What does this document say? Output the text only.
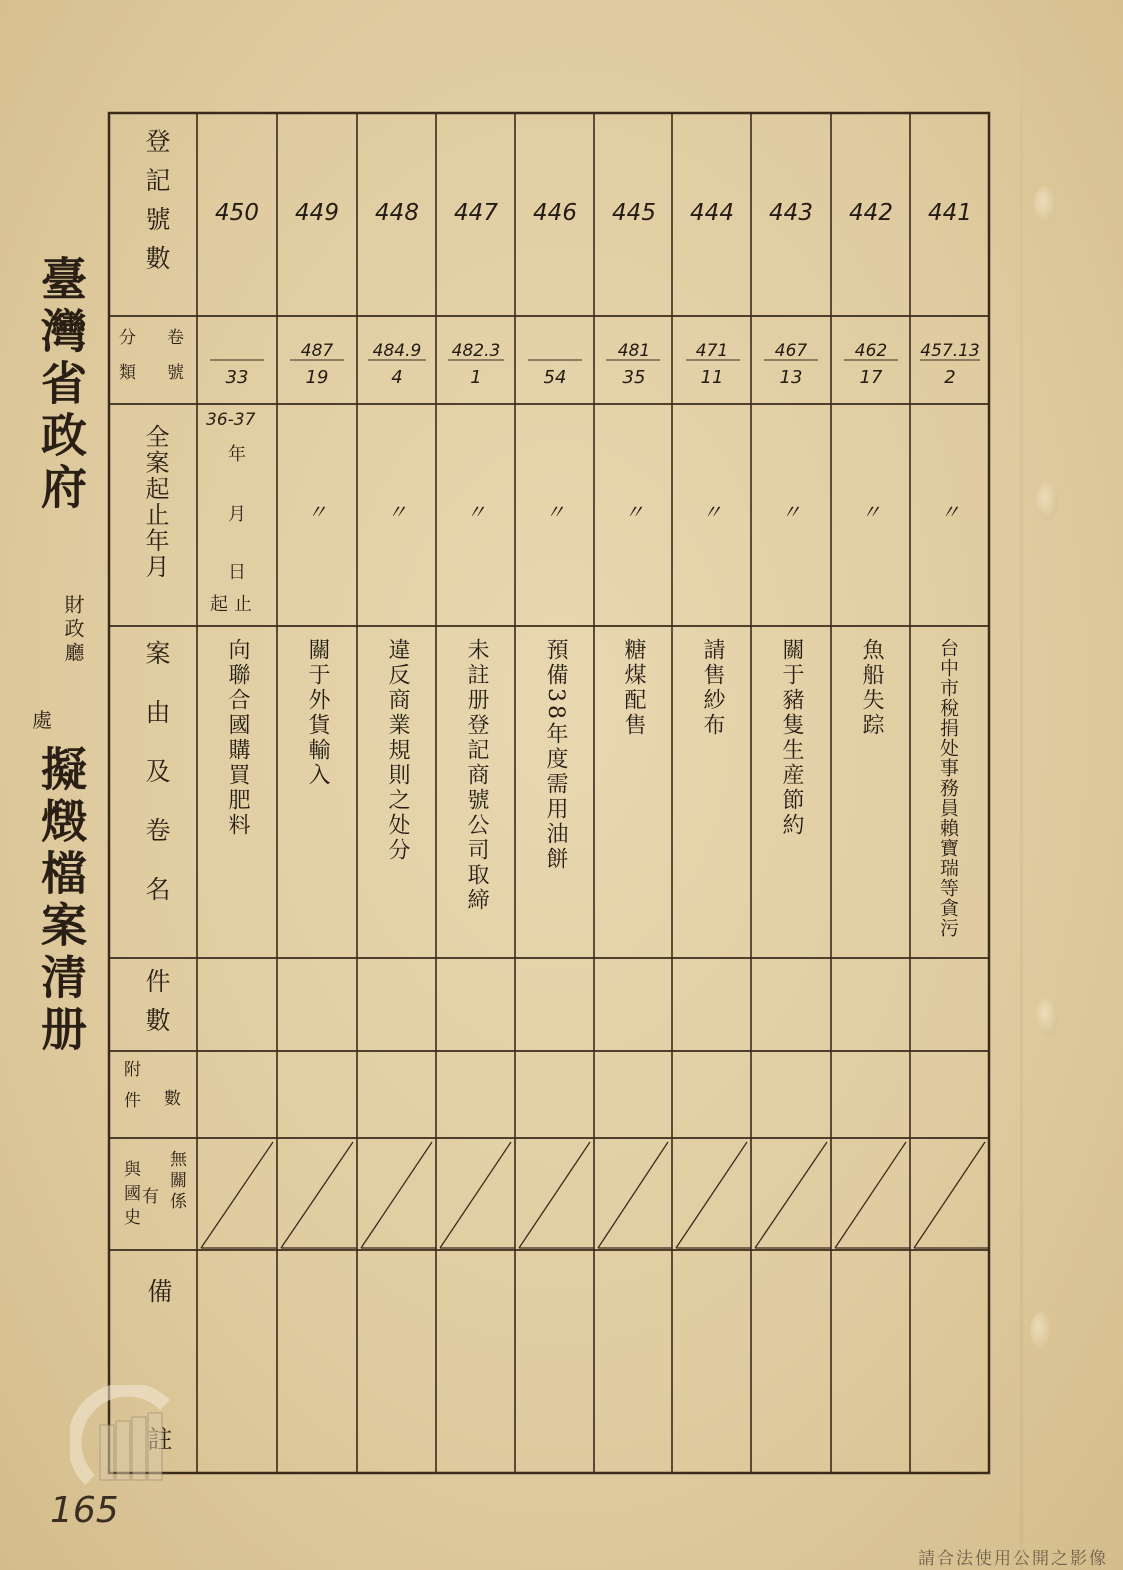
臺灣省政府
財政廳
處
擬燬檔案清册
登記號數
分類 卷號
全案起止年月
案由及卷名
件數
附件 數
無關係
有
與國史
備
450
33
向聯合國購買肥料
449
487
19
〃
關于外貨輸入
448
484.9
4
〃
違反商業規則之处分
447
482.3
1
〃
未註册登記商號公司取締
446
54
〃
預備38年度需用油餅
445
481
35
〃
糖煤配售
444
471
11
〃
請售紗布
443
467
13
〃
關于豬隻生産節約
442
462
17
〃
魚船失踪
441
457.13
2
〃
台中市稅捐处事務員賴寶瑞等貪污
36-37
年
月
日
起止
165
請合法使用公開之影像
